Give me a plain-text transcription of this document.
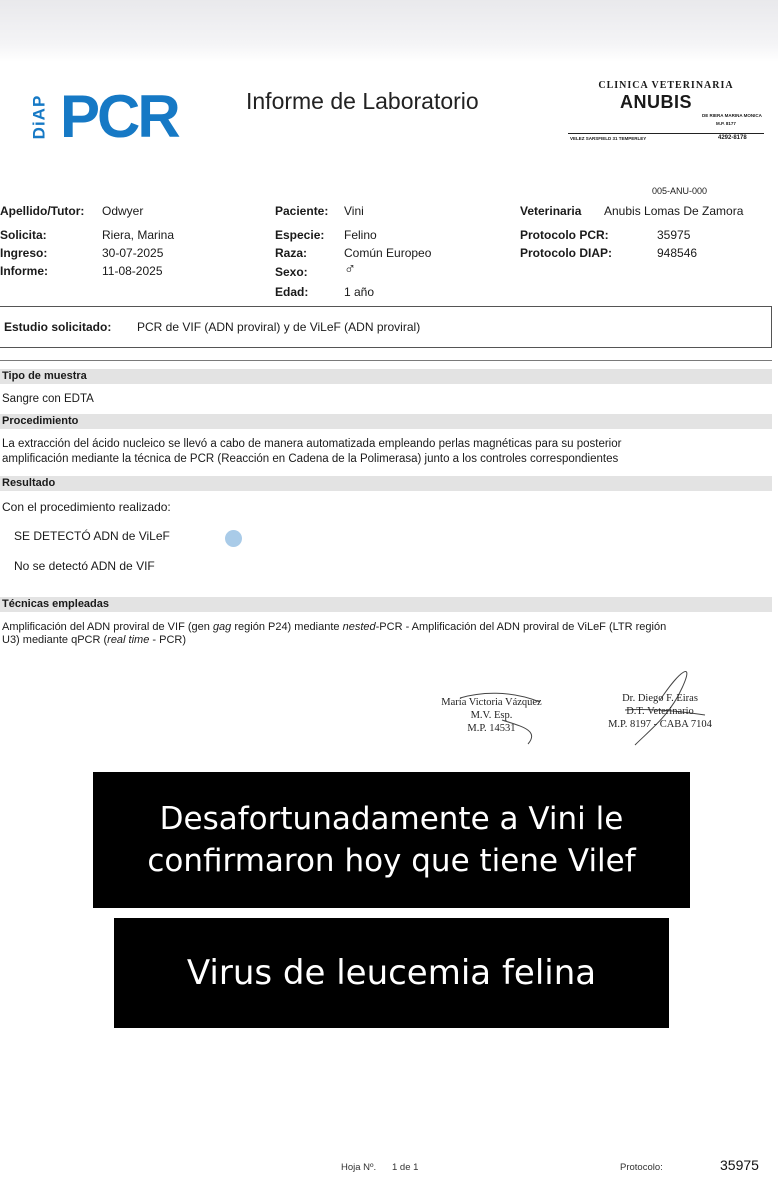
DiAP PCR	Informe de Laboratorio
CLINICA VETERINARIA
ANUBIS
DE RIERA MARINA MONICA
M.P. 8177
VELEZ SARSFIELD 31 TEMPERLEY	4292-8178
005-ANU-000
Apellido/Tutor: Odwyer
Solicita:	Riera, Marina
Ingreso:	30-07-2025
Informe:	11-08-2025
Paciente: Vini
Especie: Felino
Raza:	Común Europeo
Sexo: ♂
Edad:	1 año
Veterinaria Anubis Lomas De Zamora
Protocolo PCR:	35975
Protocolo DIAP:	948546
Estudio solicitado: PCR de VIF (ADN proviral) y de ViLeF (ADN proviral)
Tipo de muestra
Sangre con EDTA
Procedimiento
La extracción del ácido nucleico se llevó a cabo de manera automatizada empleando perlas magnéticas para su posterior
amplificación mediante la técnica de PCR (Reacción en Cadena de la Polimerasa) junto a los controles correspondientes
Resultado
Con el procedimiento realizado:
SE DETECTÓ ADN de ViLeF
No se detectó ADN de VIF
Técnicas empleadas
Amplificación del ADN proviral de VIF (gen gag región P24) mediante nested-PCR - Amplificación del ADN proviral de ViLeF (LTR región
U3) mediante qPCR (real time - PCR)
María Victoria Vázquez
M.V. Esp.
M.P. 14531
Dr. Diego F. Eiras
D.T. Veterinario
M.P. 8197 - CABA 7104

Desafortunadamente a Vini le

confirmaron hoy que tiene Vilef

Virus de leucemia felina

Hoja Nº. 1 de 1	Protocolo:	35975
